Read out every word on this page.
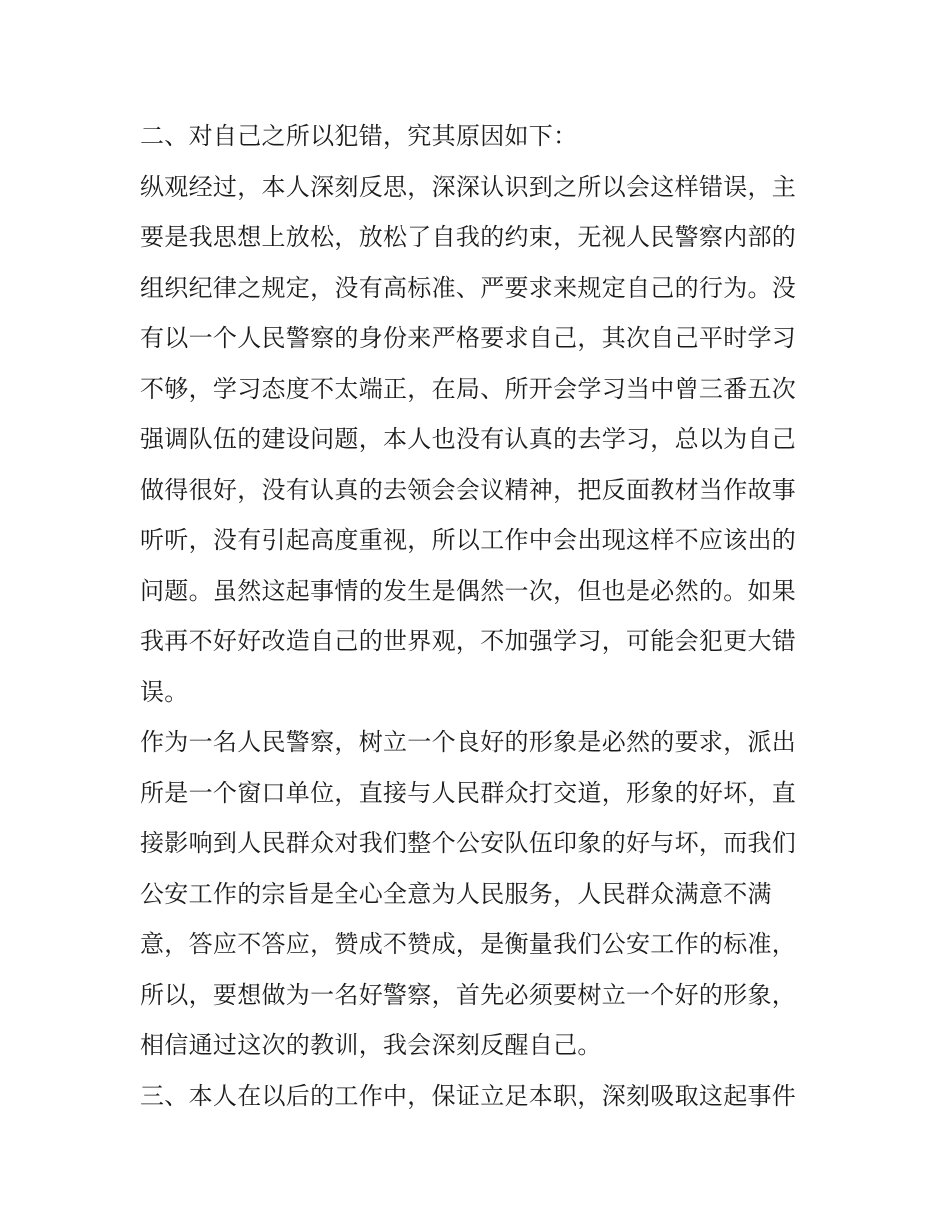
二、对自己之所以犯错，究其原因如下：
纵观经过，本人深刻反思，深深认识到之所以会这样错误，主
要是我思想上放松，放松了自我的约束，无视人民警察内部的
组织纪律之规定，没有高标准、严要求来规定自己的行为。没
有以一个人民警察的身份来严格要求自己，其次自己平时学习
不够，学习态度不太端正，在局、所开会学习当中曾三番五次
强调队伍的建设问题，本人也没有认真的去学习，总以为自己
做得很好，没有认真的去领会会议精神，把反面教材当作故事
听听，没有引起高度重视，所以工作中会出现这样不应该出的
问题。虽然这起事情的发生是偶然一次，但也是必然的。如果
我再不好好改造自己的世界观，不加强学习，可能会犯更大错
误。
作为一名人民警察，树立一个良好的形象是必然的要求，派出
所是一个窗口单位，直接与人民群众打交道，形象的好坏，直
接影响到人民群众对我们整个公安队伍印象的好与坏，而我们
公安工作的宗旨是全心全意为人民服务，人民群众满意不满
意，答应不答应，赞成不赞成，是衡量我们公安工作的标准，
所以，要想做为一名好警察，首先必须要树立一个好的形象，
相信通过这次的教训，我会深刻反醒自己。
三、本人在以后的工作中，保证立足本职，深刻吸取这起事件
